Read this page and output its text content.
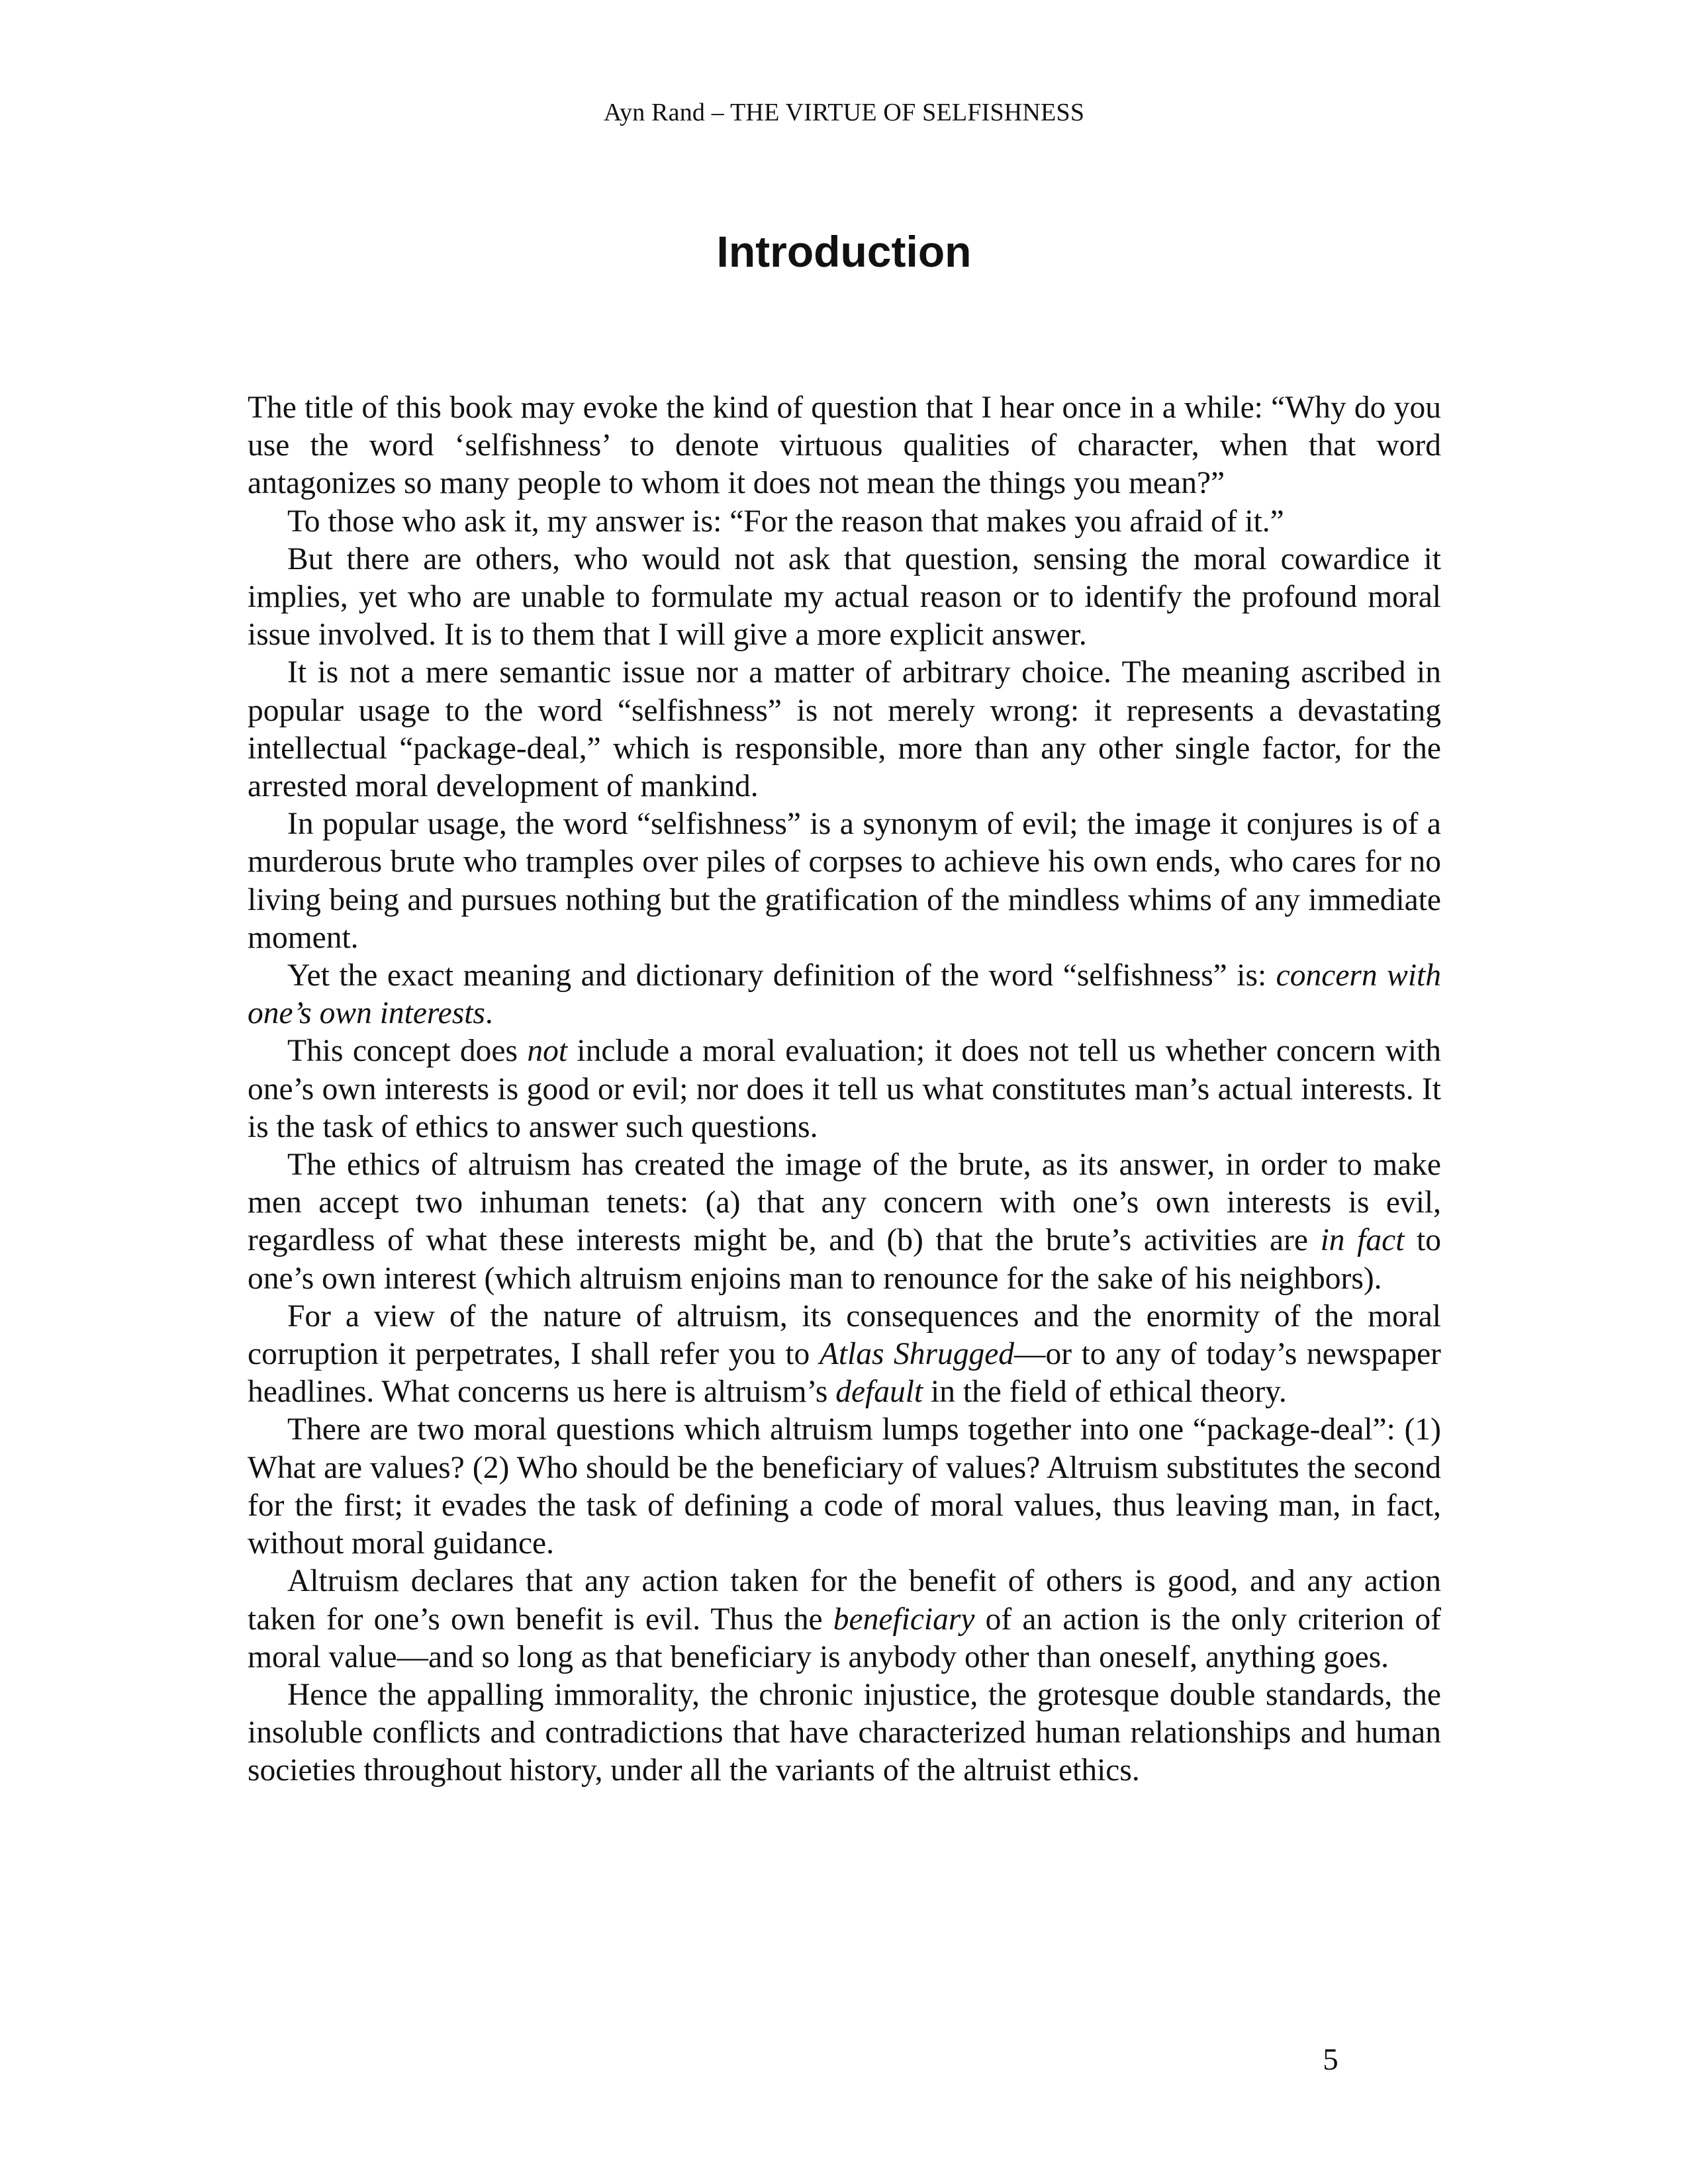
Ayn Rand – THE VIRTUE OF SELFISHNESS
Introduction

The title of this book may evoke the kind of question that I hear once in a while: “Why do you use the word ‘selfishness’ to denote virtuous qualities of character, when that word antagonizes so many people to whom it does not mean the things you mean?”

To those who ask it, my answer is: “For the reason that makes you afraid of it.”

But there are others, who would not ask that question, sensing the moral cowardice it implies, yet who are unable to formulate my actual reason or to identify the profound moral issue involved. It is to them that I will give a more explicit answer.

It is not a mere semantic issue nor a matter of arbitrary choice. The meaning ascribed in popular usage to the word “selfishness” is not merely wrong: it represents a devastating intellectual “package-deal,” which is responsible, more than any other single factor, for the arrested moral development of mankind.

In popular usage, the word “selfishness” is a synonym of evil; the image it conjures is of a murderous brute who tramples over piles of corpses to achieve his own ends, who cares for no living being and pursues nothing but the gratification of the mindless whims of any immediate moment.

Yet the exact meaning and dictionary definition of the word “selfishness” is: concern with one’s own interests.

This concept does not include a moral evaluation; it does not tell us whether concern with one’s own interests is good or evil; nor does it tell us what constitutes man’s actual interests. It is the task of ethics to answer such questions.

The ethics of altruism has created the image of the brute, as its answer, in order to make men accept two inhuman tenets: (a) that any concern with one’s own interests is evil, regardless of what these interests might be, and (b) that the brute’s activities are in fact to one’s own interest (which altruism enjoins man to renounce for the sake of his neighbors).

For a view of the nature of altruism, its consequences and the enormity of the moral corruption it perpetrates, I shall refer you to Atlas Shrugged—or to any of today’s newspaper headlines. What concerns us here is altruism’s default in the field of ethical theory.

There are two moral questions which altruism lumps together into one “package-deal”: (1) What are values? (2) Who should be the beneficiary of values? Altruism substitutes the second for the first; it evades the task of defining a code of moral values, thus leaving man, in fact, without moral guidance.

Altruism declares that any action taken for the benefit of others is good, and any action taken for one’s own benefit is evil. Thus the beneficiary of an action is the only criterion of moral value—and so long as that beneficiary is anybody other than oneself, anything goes.

Hence the appalling immorality, the chronic injustice, the grotesque double standards, the insoluble conflicts and contradictions that have characterized human relationships and human societies throughout history, under all the variants of the altruist ethics.

5
